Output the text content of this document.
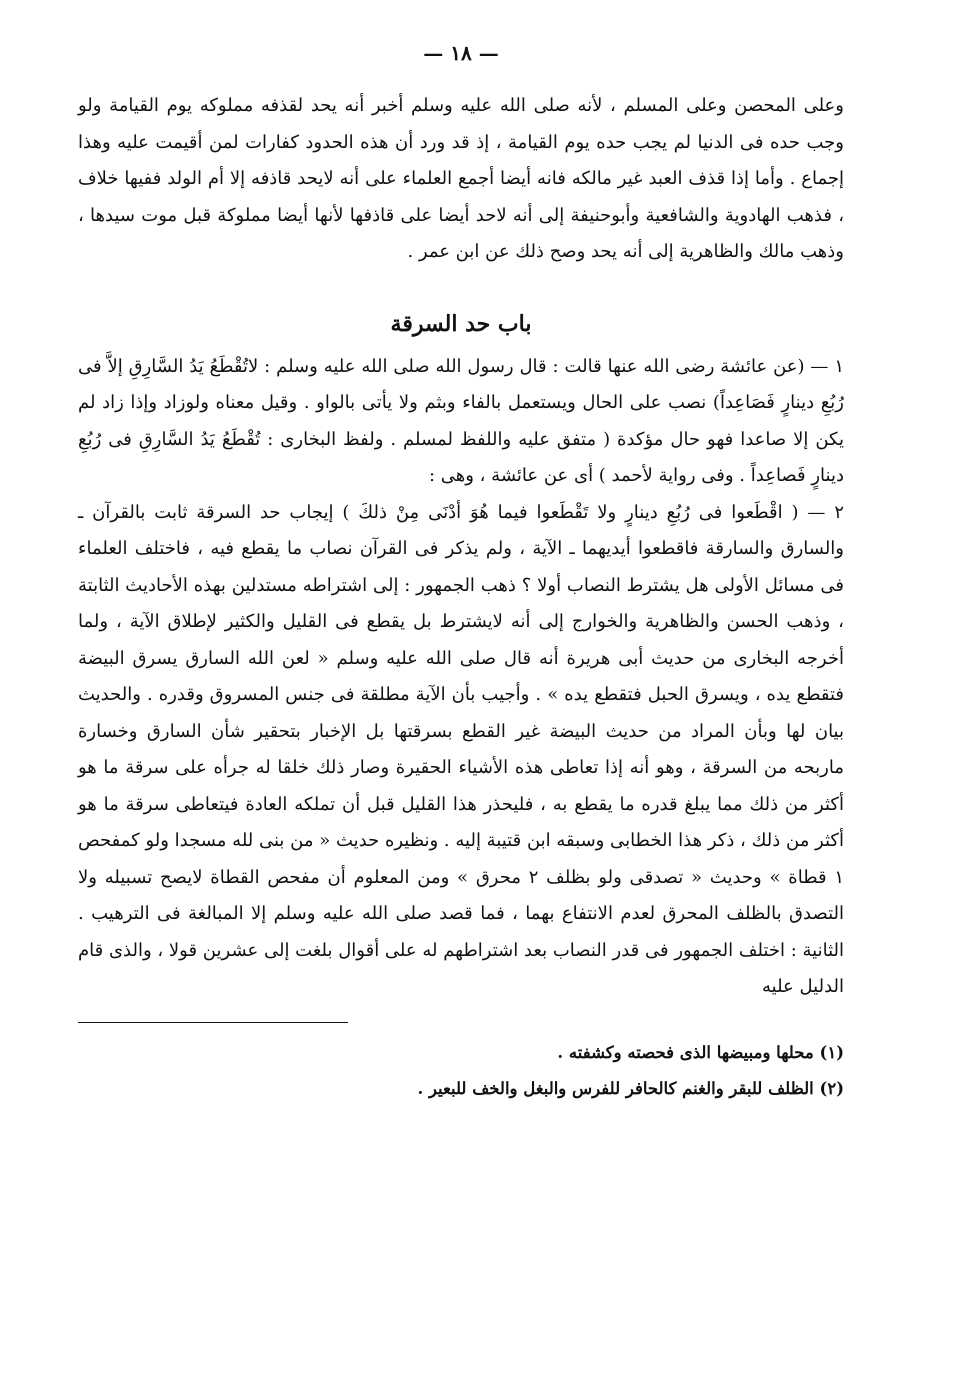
— ١٨ —

وعلى المحصن وعلى المسلم ، لأنه صلى الله عليه وسلم أخبر أنه يحد لقذفه مملوكه يوم القيامة ولو وجب حده فى الدنيا لم يجب حده يوم القيامة ، إذ قد ورد أن هذه الحدود كفارات لمن أقيمت عليه وهذا إجماع . وأما إذا قذف العبد غير مالكه فانه أيضا أجمع العلماء على أنه لايحد قاذفه إلا أم الولد ففيها خلاف ، فذهب الهادوية والشافعية وأبوحنيفة إلى أنه لاحد أيضا على قاذفها لأنها أيضا مملوكة قبل موت سيدها ، وذهب مالك والظاهرية إلى أنه يحد وصح ذلك عن ابن عمر .

باب حد السرقة

١ — (عن عائشة رضى الله عنها قالت : قال رسول الله صلى الله عليه وسلم : لاتُقْطَعُ يَدُ السَّارِقِ إلاَّ فى رُبُعِ دينارٍ فَصَاعِداً) نصب على الحال ويستعمل بالفاء وبثم ولا يأتى بالواو . وقيل معناه ولوزاد وإذا زاد لم يكن إلا صاعدا فهو حال مؤكدة ( متفق عليه واللفظ لمسلم . ولفظ البخارى : تُقْطَعُ يَدُ السَّارِقِ فى رُبُعِ دينارٍ فَصاعِداً . وفى رواية لأحمد ) أى عن عائشة ، وهى :

٢ — ( اقْطَعوا فى رُبُعِ دينارٍ ولا تَقْطَعوا فيما هُوَ أدْنَى مِنْ ذلكَ ) إيجاب حد السرقة ثابت بالقرآن ـ والسارق والسارقة فاقطعوا أيديهما ـ الآية ، ولم يذكر فى القرآن نصاب ما يقطع فيه ، فاختلف العلماء فى مسائل الأولى هل يشترط النصاب أولا ؟ ذهب الجمهور : إلى اشتراطه مستدلين بهذه الأحاديث الثابتة ، وذهب الحسن والظاهرية والخوارج إلى أنه لايشترط بل يقطع فى القليل والكثير لإطلاق الآية ، ولما أخرجه البخارى من حديث أبى هريرة أنه قال صلى الله عليه وسلم « لعن الله السارق يسرق البيضة فتقطع يده ، ويسرق الحبل فتقطع يده » . وأجيب بأن الآية مطلقة فى جنس المسروق وقدره . والحديث بيان لها وبأن المراد من حديث البيضة غير القطع بسرقتها بل الإخبار بتحقير شأن السارق وخسارة ماربحه من السرقة ، وهو أنه إذا تعاطى هذه الأشياء الحقيرة وصار ذلك خلقا له جرأه على سرقة ما هو أكثر من ذلك مما يبلغ قدره ما يقطع به ، فليحذر هذا القليل قبل أن تملكه العادة فيتعاطى سرقة ما هو أكثر من ذلك ، ذكر هذا الخطابى وسبقه ابن قتيبة إليه . ونظيره حديث « من بنى لله مسجدا ولو كمفحص ١ قطاة » وحديث « تصدقى ولو بظلف ٢ محرق » ومن المعلوم أن مفحص القطاة لايصح تسبيله ولا التصدق بالظلف المحرق لعدم الانتفاع بهما ، فما قصد صلى الله عليه وسلم إلا المبالغة فى الترهيب . الثانية : اختلف الجمهور فى قدر النصاب بعد اشتراطهم له على أقوال بلغت إلى عشرين قولا ، والذى قام الدليل عليه

(١) محلها ومبيضها الذى فحصته وكشفته .

(٢) الظلف للبقر والغنم كالحافر للفرس والبغل والخف للبعير .
